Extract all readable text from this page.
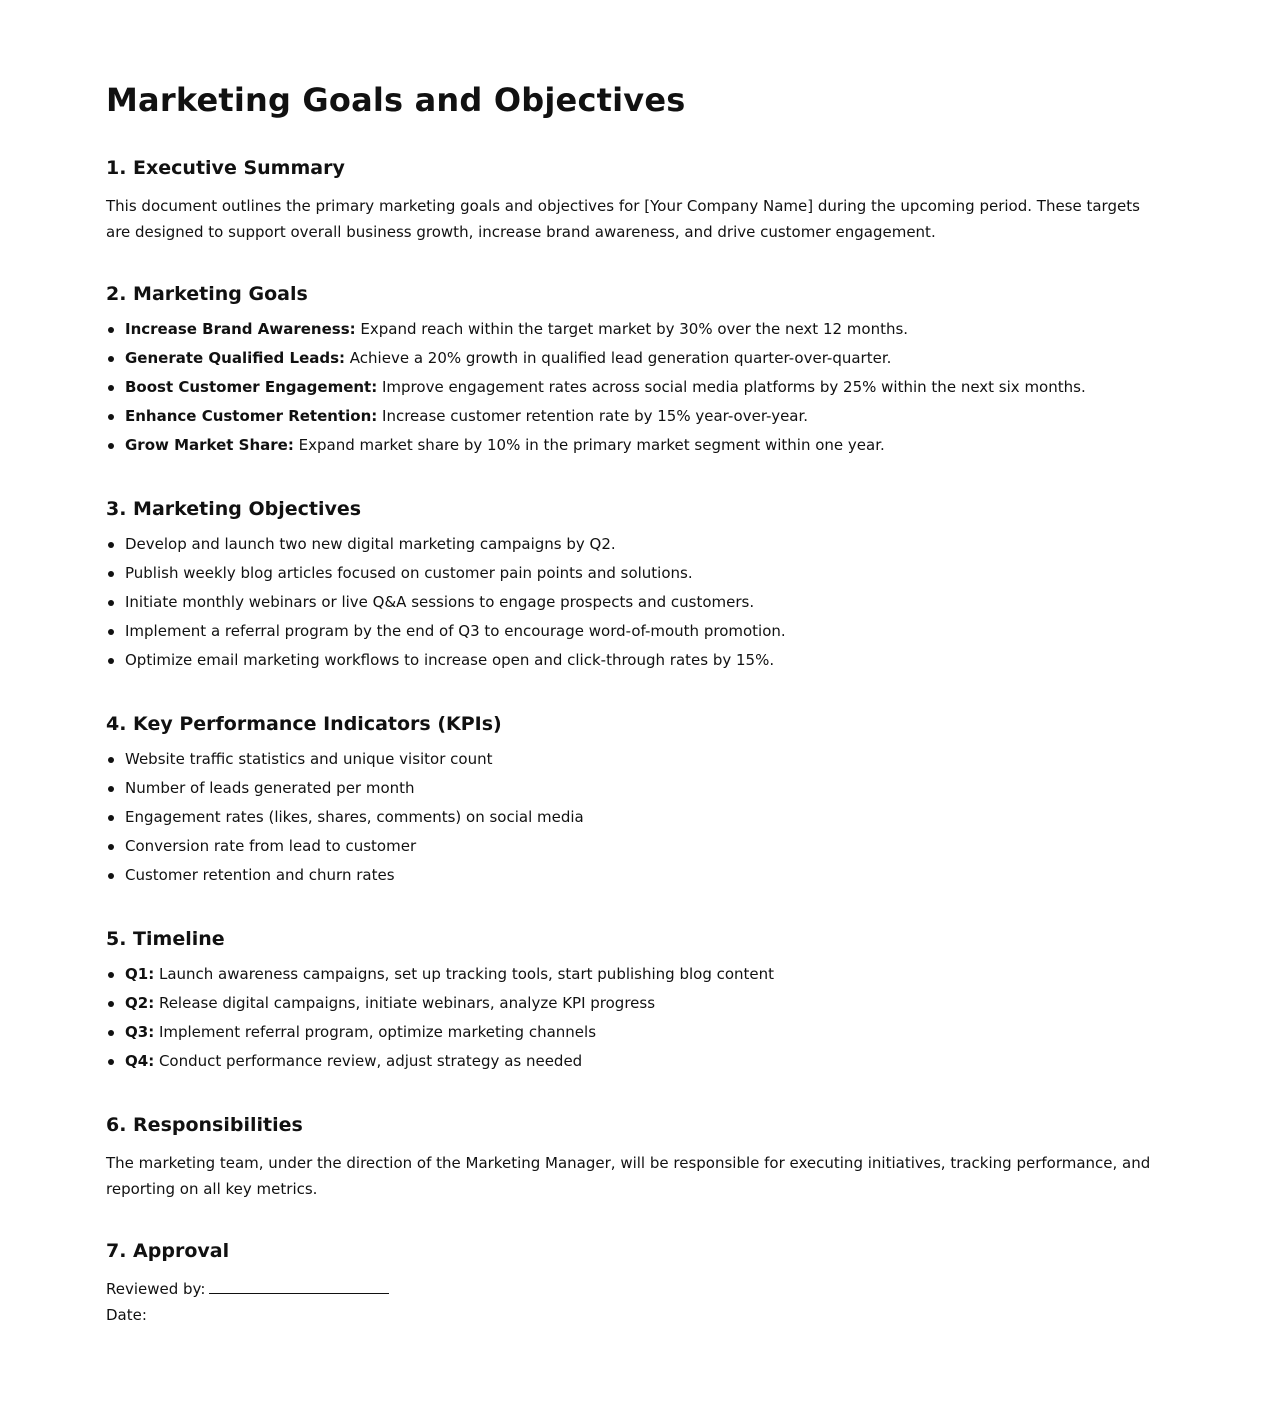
Marketing Goals and Objectives
1. Executive Summary

This document outlines the primary marketing goals and objectives for [Your Company Name] during the upcoming period. These targets are designed to support overall business growth, increase brand awareness, and drive customer engagement.

2. Marketing Goals
Increase Brand Awareness: Expand reach within the target market by 30% over the next 12 months.
Generate Qualified Leads: Achieve a 20% growth in qualified lead generation quarter-over-quarter.
Boost Customer Engagement: Improve engagement rates across social media platforms by 25% within the next six months.
Enhance Customer Retention: Increase customer retention rate by 15% year-over-year.
Grow Market Share: Expand market share by 10% in the primary market segment within one year.
3. Marketing Objectives
Develop and launch two new digital marketing campaigns by Q2.
Publish weekly blog articles focused on customer pain points and solutions.
Initiate monthly webinars or live Q&A sessions to engage prospects and customers.
Implement a referral program by the end of Q3 to encourage word-of-mouth promotion.
Optimize email marketing workflows to increase open and click-through rates by 15%.
4. Key Performance Indicators (KPIs)
Website traffic statistics and unique visitor count
Number of leads generated per month
Engagement rates (likes, shares, comments) on social media
Conversion rate from lead to customer
Customer retention and churn rates
5. Timeline
Q1: Launch awareness campaigns, set up tracking tools, start publishing blog content
Q2: Release digital campaigns, initiate webinars, analyze KPI progress
Q3: Implement referral program, optimize marketing channels
Q4: Conduct performance review, adjust strategy as needed
6. Responsibilities

The marketing team, under the direction of the Marketing Manager, will be responsible for executing initiatives, tracking performance, and reporting on all key metrics.

7. Approval
Reviewed by:
Date:
